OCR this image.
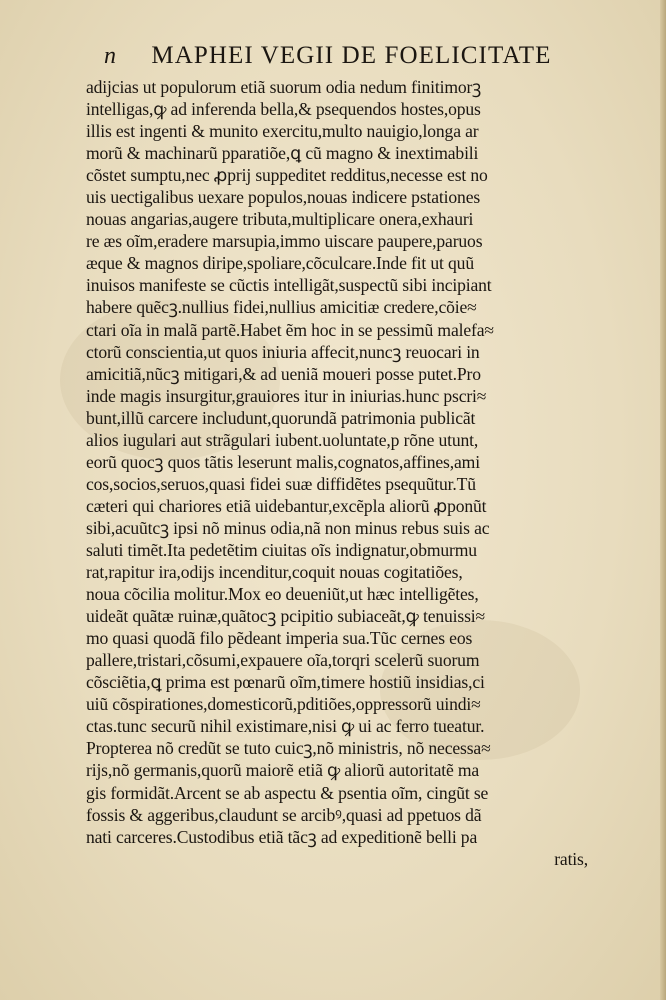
n MAPHEI VEGII DE FOELICITATE
adijcias ut populorum etiã suorum odia nedum finitimorꝫ
intelligas,ꝙ ad inferenda bella,& psequendos hostes,opus
illis est ingenti & munito exercitu,multo nauigio,longa ar
morũ & machinarũ pparatiõe,ꝗ cũ magno & inextimabili
cõstet sumptu,nec ꝓprij suppeditet redditus,necesse est no
uis uectigalibus uexare populos,nouas indicere pstationes
nouas angarias,augere tributa,multiplicare onera,exhauri
re æs oĩm,eradere marsupia,immo uiscare paupere,paruos
æque & magnos diripe,spoliare,cõculcare.Inde fit ut quũ
inuisos manifeste se cũctis intelligãt,suspectũ sibi incipiant
habere quẽcꝫ.nullius fidei,nullius amicitiæ credere,cõie≈
ctari oĩa in malã partẽ.Habet ẽm hoc in se pessimũ malefa≈
ctorũ conscientia,ut quos iniuria affecit,nuncꝫ reuocari in
amicitiã,nũcꝫ mitigari,& ad ueniã moueri posse putet.Pro
inde magis insurgitur,grauiores itur in iniurias.hunc pscri≈
bunt,illũ carcere includunt,quorundã patrimonia publicãt
alios iugulari aut strãgulari iubent.uoluntate,p rõne utunt,
eorũ quocꝫ quos tãtis leserunt malis,cognatos,affines,ami
cos,socios,seruos,quasi fidei suæ diffidẽtes psequũtur.Tũ
cæteri qui chariores etiã uidebantur,excẽpla aliorũ ꝓponũt
sibi,acuũtcꝫ ipsi nõ minus odia,nã non minus rebus suis ac
saluti timẽt.Ita pedetẽtim ciuitas oĩs indignatur,obmurmu
rat,rapitur ira,odijs incenditur,coquit nouas cogitatiões,
noua cõcilia molitur.Mox eo deueniũt,ut hæc intelligẽtes,
uideãt quãtæ ruinæ,quãtocꝫ pcipitio subiaceãt,ꝙ tenuissi≈
mo quasi quodã filo pẽdeant imperia sua.Tũc cernes eos
pallere,tristari,cõsumi,expauere oĩa,torqri scelerũ suorum
cõsciẽtia,ꝗ prima est pœnarũ oĩm,timere hostiũ insidias,ci
uiũ cõspirationes,domesticorũ,pditiões,oppressorũ uindi≈
ctas.tunc securũ nihil existimare,nisi ꝙ ui ac ferro tueatur.
Propterea nõ credũt se tuto cuicꝫ,nõ ministris, nõ necessa≈
rijs,nõ germanis,quorũ maiorẽ etiã ꝙ aliorũ autoritatẽ ma
gis formidãt.Arcent se ab aspectu & psentia oĩm, cingũt se
fossis & aggeribus,claudunt se arcibꝰ,quasi ad ppetuos dã
nati carceres.Custodibus etiã tãcꝫ ad expeditionẽ belli pa
ratis,
